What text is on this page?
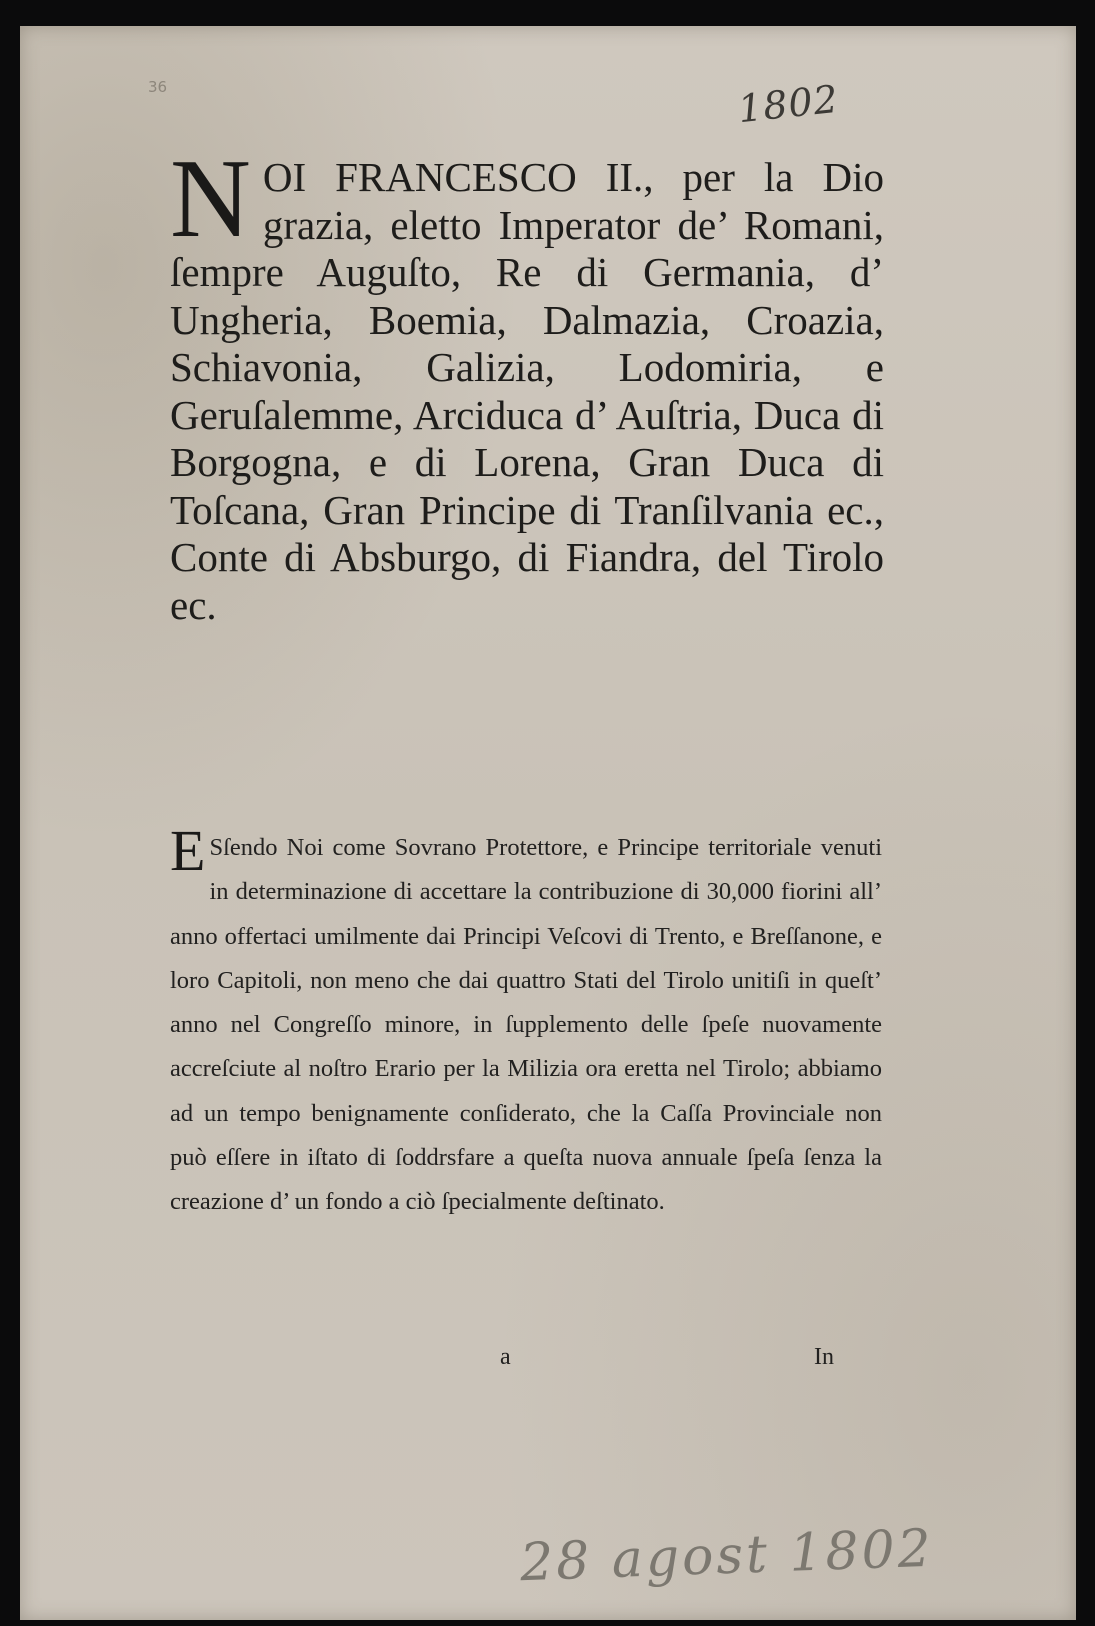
36	1802
N OI FRANCESCO II., per la Dio grazia, eletto Imperator de’ Romani, ſempre Auguſto, Re di Germania, d’ Ungheria, Boemia, Dalmazia, Croazia, Schiavonia, Galizia, Lodomiria, e Geruſalemme, Arciduca d’ Auſtria, Duca di Borgogna, e di Lorena, Gran Duca di Toſcana, Gran Principe di Tranſilvania ec., Conte di Absburgo, di Fiandra, del Tirolo ec.
E Sſendo Noi come Sovrano Protettore, e Principe territoriale venuti in determinazione di accettare la contribuzione di 30,000 fiorini all’ anno offertaci umilmente dai Principi Veſcovi di Trento, e Breſſanone, e loro Capitoli, non meno che dai quattro Stati del Tirolo unitiſi in queſt’ anno nel Congreſſo minore, in ſupplemento delle ſpeſe nuovamente accreſciute al noſtro Erario per la Milizia ora eretta nel Tirolo; abbiamo ad un tempo benignamente conſiderato, che la Caſſa Provinciale non può eſſere in iſtato di ſoddrsfare a queſta nuova annuale ſpeſa ſenza la creazione d’ un fondo a ciò ſpecialmente deſtinato.
a	In
28 agost 1802
